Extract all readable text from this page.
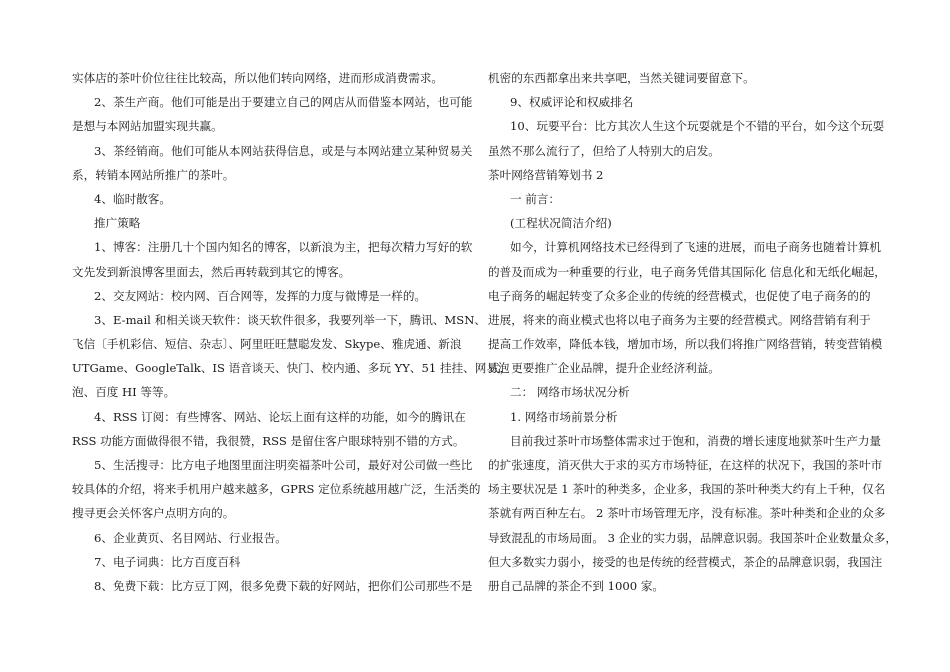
实体店的茶叶价位往往比较高，所以他们转向网络，进而形成消费需求。
2、茶生产商。他们可能是出于要建立自己的网店从而借鉴本网站，也可能
是想与本网站加盟实现共赢。
3、茶经销商。他们可能从本网站获得信息，或是与本网站建立某种贸易关
系，转销本网站所推广的茶叶。
4、临时散客。
推广策略
1、博客：注册几十个国内知名的博客，以新浪为主，把每次精力写好的软
文先发到新浪博客里面去，然后再转载到其它的博客。
2、交友网站：校内网、百合网等，发挥的力度与微博是一样的。
3、E-mail 和相关谈天软件：谈天软件很多，我要列举一下，腾讯、MSN、
飞信〔手机彩信、短信、杂志〕、阿里旺旺慧聪发发、Skype、雅虎通、新浪
UTGame、GoogleTalk、IS 语音谈天、快门、校内通、多玩 YY、51 挂挂、网易泡
泡、百度 HI 等等。
4、RSS 订阅：有些博客、网站、论坛上面有这样的功能，如今的腾讯在
RSS 功能方面做得很不错，我很赞，RSS 是留住客户眼球特别不错的方式。
5、生活搜寻：比方电子地图里面注明奕福茶叶公司，最好对公司做一些比
较具体的介绍，将来手机用户越来越多，GPRS 定位系统越用越广泛，生活类的
搜寻更会关怀客户点明方向的。
6、企业黄页、名目网站、行业报告。
7、电子词典：比方百度百科
8、免费下载：比方豆丁网，很多免费下载的好网站，把你们公司那些不是
机密的东西都拿出来共享吧，当然关键词要留意下。
9、权威评论和权威排名
10、玩要平台：比方其次人生这个玩耍就是个不错的平台，如今这个玩耍
虽然不那么流行了，但给了人特别大的启发。
茶叶网络营销筹划书 2
一 前言：
(工程状况简洁介绍)
如今，计算机网络技术已经得到了飞速的进展，而电子商务也随着计算机
的普及而成为一种重要的行业，电子商务凭借其国际化 信息化和无纸化崛起，
电子商务的崛起转变了众多企业的传统的经营模式，也促使了电子商务的的
进展，将来的商业模式也将以电子商务为主要的经营模式。网络营销有利于
提高工作效率，降低本钱，增加市场，所以我们将推广网络营销，转变营销模
式，更要推广企业品牌，提升企业经济利益。
二： 网络市场状况分析
1. 网络市场前景分析
目前我过茶叶市场整体需求过于饱和，消费的增长速度地狱茶叶生产力量
的扩张速度，消灭供大于求的买方市场特征，在这样的状况下，我国的茶叶市
场主要状况是 1 茶叶的种类多，企业多，我国的茶叶种类大约有上千种，仅名
茶就有两百种左右。 2 茶叶市场管理无序，没有标准。茶叶种类和企业的众多
导致混乱的市场局面。 3 企业的实力弱，品牌意识弱。我国茶叶企业数量众多，
但大多数实力弱小，接受的也是传统的经营模式，茶企的品牌意识弱，我国注
册自己品牌的茶企不到 1000 家。
